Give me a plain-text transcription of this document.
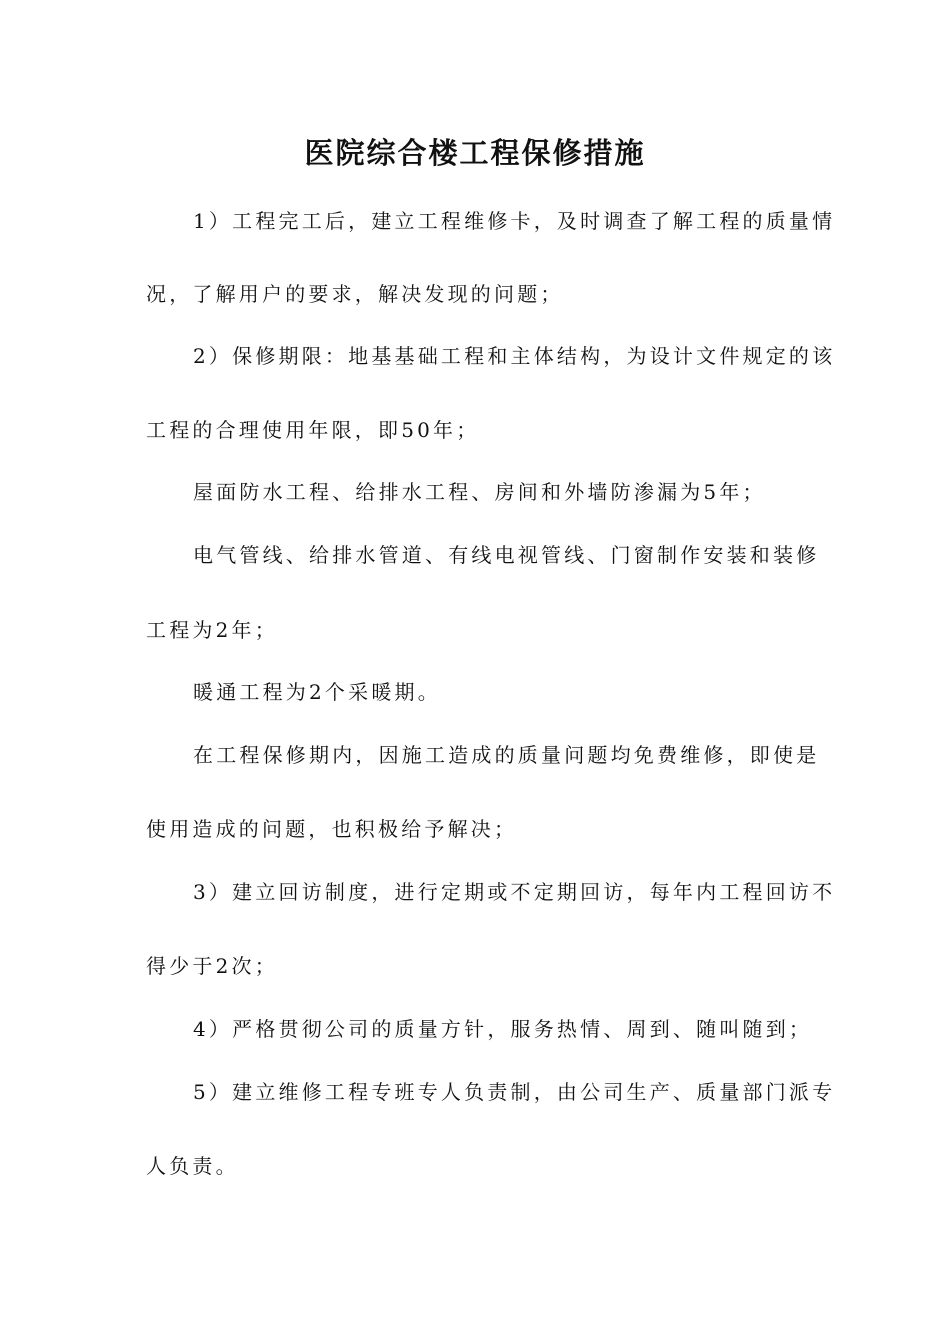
医院综合楼工程保修措施
1）工程完工后，建立工程维修卡，及时调查了解工程的质量情
况，了解用户的要求，解决发现的问题；
2）保修期限：地基基础工程和主体结构，为设计文件规定的该
工程的合理使用年限，即50年；
屋面防水工程、给排水工程、房间和外墙防渗漏为5年；
电气管线、给排水管道、有线电视管线、门窗制作安装和装修
工程为2年；
暖通工程为2个采暖期。
在工程保修期内，因施工造成的质量问题均免费维修，即使是
使用造成的问题，也积极给予解决；
3）建立回访制度，进行定期或不定期回访，每年内工程回访不
得少于2次；
4）严格贯彻公司的质量方针，服务热情、周到、随叫随到；
5）建立维修工程专班专人负责制，由公司生产、质量部门派专
人负责。
